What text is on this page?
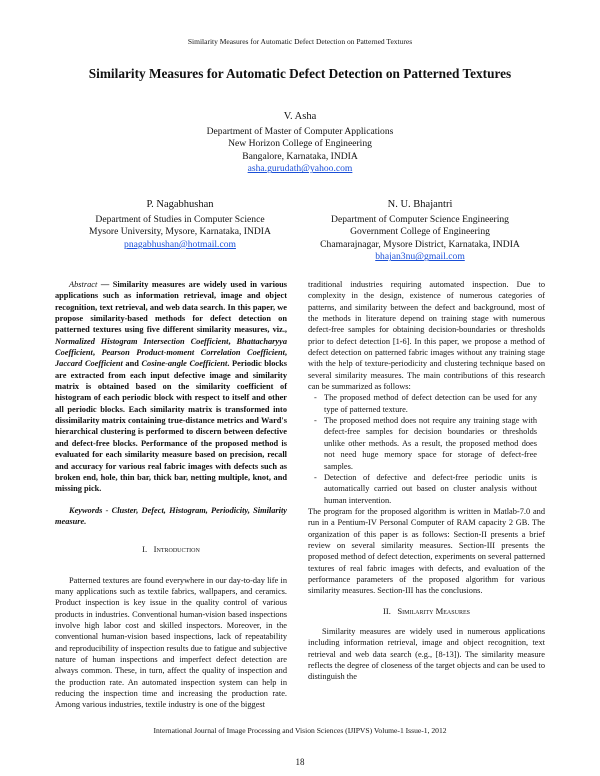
Similarity Measures for Automatic Defect Detection on Patterned Textures
Similarity Measures for Automatic Defect Detection on Patterned Textures
V. Asha
Department of Master of Computer Applications
New Horizon College of Engineering
Bangalore, Karnataka, INDIA
asha.gurudath@yahoo.com
P. Nagabhushan
Department of Studies in Computer Science
Mysore University, Mysore, Karnataka, INDIA
pnagabhushan@hotmail.com
N. U. Bhajantri
Department of Computer Science Engineering
Government College of Engineering
Chamarajnagar, Mysore District, Karnataka, INDIA
bhajan3nu@gmail.com

Abstract — Similarity measures are widely used in various applications such as information retrieval, image and object recognition, text retrieval, and web data search. In this paper, we propose similarity-based methods for defect detection on patterned textures using five different similarity measures, viz., Normalized Histogram Intersection Coefficient, Bhattacharyya Coefficient, Pearson Product-moment Correlation Coefficient, Jaccard Coefficient and Cosine-angle Coefficient. Periodic blocks are extracted from each input defective image and similarity matrix is obtained based on the similarity coefficient of histogram of each periodic block with respect to itself and other all periodic blocks. Each similarity matrix is transformed into dissimilarity matrix containing true-distance metrics and Ward's hierarchical clustering is performed to discern between defective and defect-free blocks. Performance of the proposed method is evaluated for each similarity measure based on precision, recall and accuracy for various real fabric images with defects such as broken end, hole, thin bar, thick bar, netting multiple, knot, and missing pick.

Keywords - Cluster, Defect, Histogram, Periodicity, Similarity measure.

I. Introduction

Patterned textures are found everywhere in our day-to-day life in many applications such as textile fabrics, wallpapers, and ceramics. Product inspection is key issue in the quality control of various products in industries. Conventional human-vision based inspections involve high labor cost and skilled inspectors. Moreover, in the conventional human-vision based inspections, lack of repeatability and reproducibility of inspection results due to fatigue and subjective nature of human inspections and imperfect defect detection are always common. These, in turn, affect the quality of inspection and the production rate. An automated inspection system can help in reducing the inspection time and increasing the production rate. Among various industries, textile industry is one of the biggest

traditional industries requiring automated inspection. Due to complexity in the design, existence of numerous categories of patterns, and similarity between the defect and background, most of the methods in literature depend on training stage with numerous defect-free samples for obtaining decision-boundaries or thresholds prior to defect detection [1-6]. In this paper, we propose a method of defect detection on patterned fabric images without any training stage with the help of texture-periodicity and clustering technique based on several similarity measures. The main contributions of this research can be summarized as follows:

- The proposed method of defect detection can be used for any type of patterned texture.
- The proposed method does not require any training stage with defect-free samples for decision boundaries or thresholds unlike other methods. As a result, the proposed method does not need huge memory space for storage of defect-free samples.
- Detection of defective and defect-free periodic units is automatically carried out based on cluster analysis without human intervention.

The program for the proposed algorithm is written in Matlab-7.0 and run in a Pentium-IV Personal Computer of RAM capacity 2 GB. The organization of this paper is as follows: Section-II presents a brief review on several similarity measures. Section-III presents the proposed method of defect detection, experiments on several patterned textures of real fabric images with defects, and evaluation of the performance parameters of the proposed algorithm for various similarity measures. Section-III has the conclusions.

II. Similarity Measures

Similarity measures are widely used in numerous applications including information retrieval, image and object recognition, text retrieval and web data search (e.g., [8-13]). The similarity measure reflects the degree of closeness of the target objects and can be used to distinguish the

International Journal of Image Processing and Vision Sciences (IJIPVS) Volume-1 Issue-1, 2012
18
